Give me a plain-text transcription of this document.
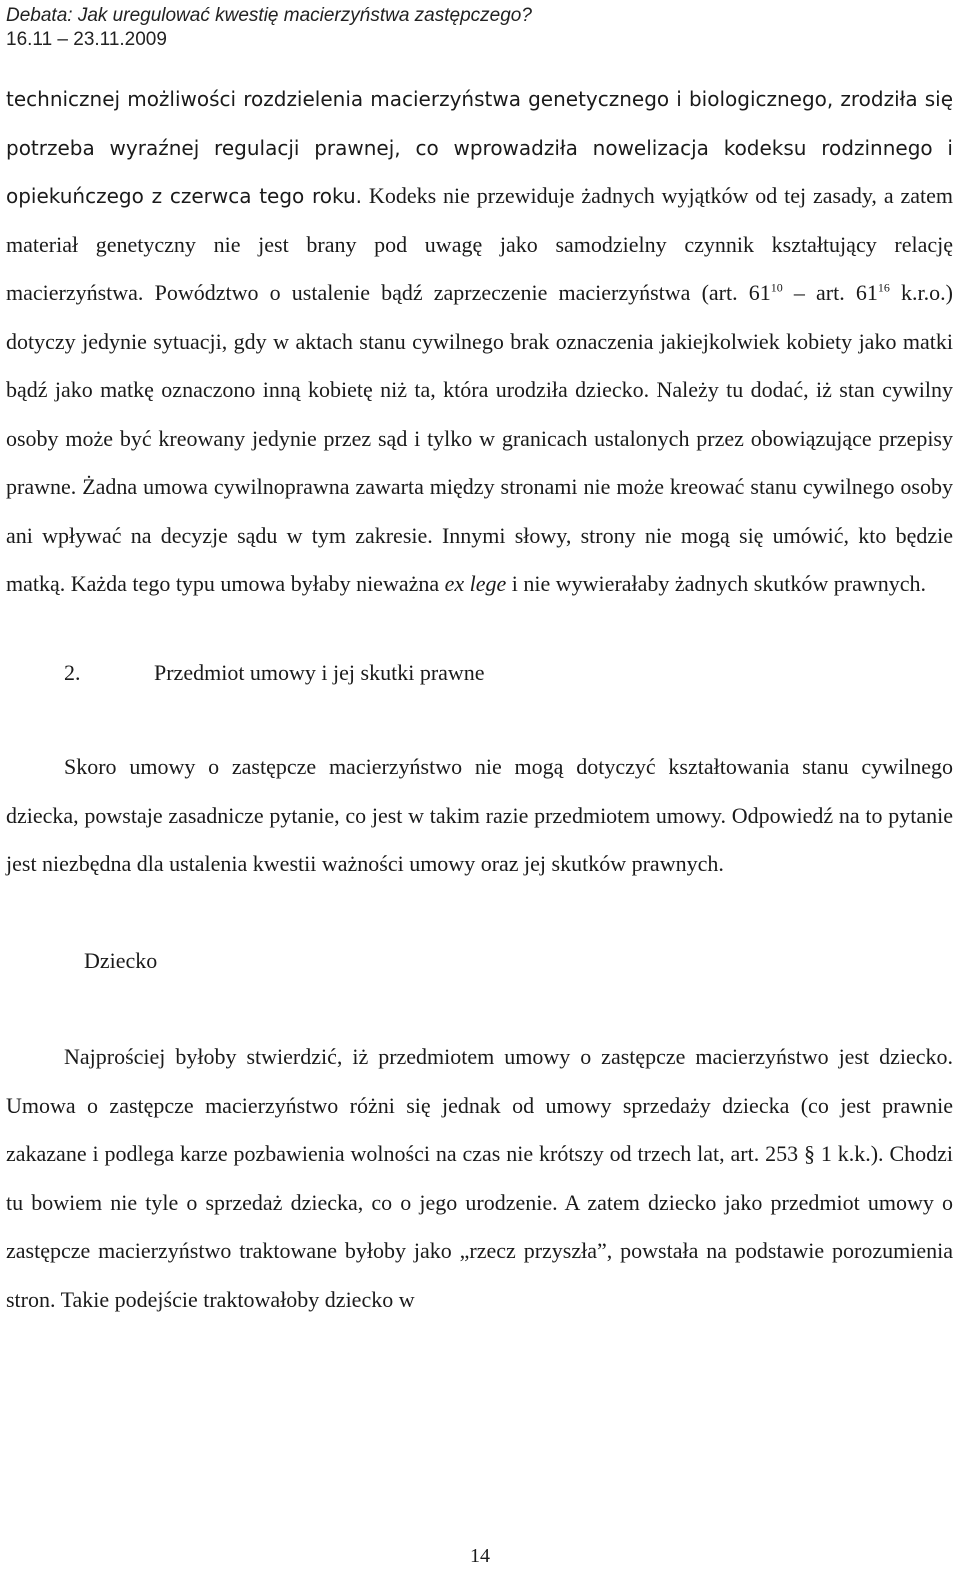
Debata: Jak uregulować kwestię macierzyństwa zastępczego?
16.11 – 23.11.2009

technicznej możliwości rozdzielenia macierzyństwa genetycznego i biologicznego, zrodziła się potrzeba wyraźnej regulacji prawnej, co wprowadziła nowelizacja kodeksu rodzinnego i opiekuńczego z czerwca tego roku. Kodeks nie przewiduje żadnych wyjątków od tej zasady, a zatem materiał genetyczny nie jest brany pod uwagę jako samodzielny czynnik kształtujący relację macierzyństwa. Powództwo o ustalenie bądź zaprzeczenie macierzyństwa (art. $61^{10}$ – art. $61^{16}$ k.r.o.) dotyczy jedynie sytuacji, gdy w aktach stanu cywilnego brak oznaczenia jakiejkolwiek kobiety jako matki bądź jako matkę oznaczono inną kobietę niż ta, która urodziła dziecko. Należy tu dodać, iż stan cywilny osoby może być kreowany jedynie przez sąd i tylko w granicach ustalonych przez obowiązujące przepisy prawne. Żadna umowa cywilnoprawna zawarta między stronami nie może kreować stanu cywilnego osoby ani wpływać na decyzje sądu w tym zakresie. Innymi słowy, strony nie mogą się umówić, kto będzie matką. Każda tego typu umowa byłaby nieważna ex lege i nie wywierałaby żadnych skutków prawnych.

2.	Przedmiot umowy i jej skutki prawne

Skoro umowy o zastępcze macierzyństwo nie mogą dotyczyć kształtowania stanu cywilnego dziecka, powstaje zasadnicze pytanie, co jest w takim razie przedmiotem umowy. Odpowiedź na to pytanie jest niezbędna dla ustalenia kwestii ważności umowy oraz jej skutków prawnych.

Dziecko

Najprościej byłoby stwierdzić, iż przedmiotem umowy o zastępcze macierzyństwo jest dziecko. Umowa o zastępcze macierzyństwo różni się jednak od umowy sprzedaży dziecka (co jest prawnie zakazane i podlega karze pozbawienia wolności na czas nie krótszy od trzech lat, art. 253 § 1 k.k.). Chodzi tu bowiem nie tyle o sprzedaż dziecka, co o jego urodzenie. A zatem dziecko jako przedmiot umowy o zastępcze macierzyństwo traktowane byłoby jako „rzecz przyszła”, powstała na podstawie porozumienia stron. Takie podejście traktowałoby dziecko w

14
